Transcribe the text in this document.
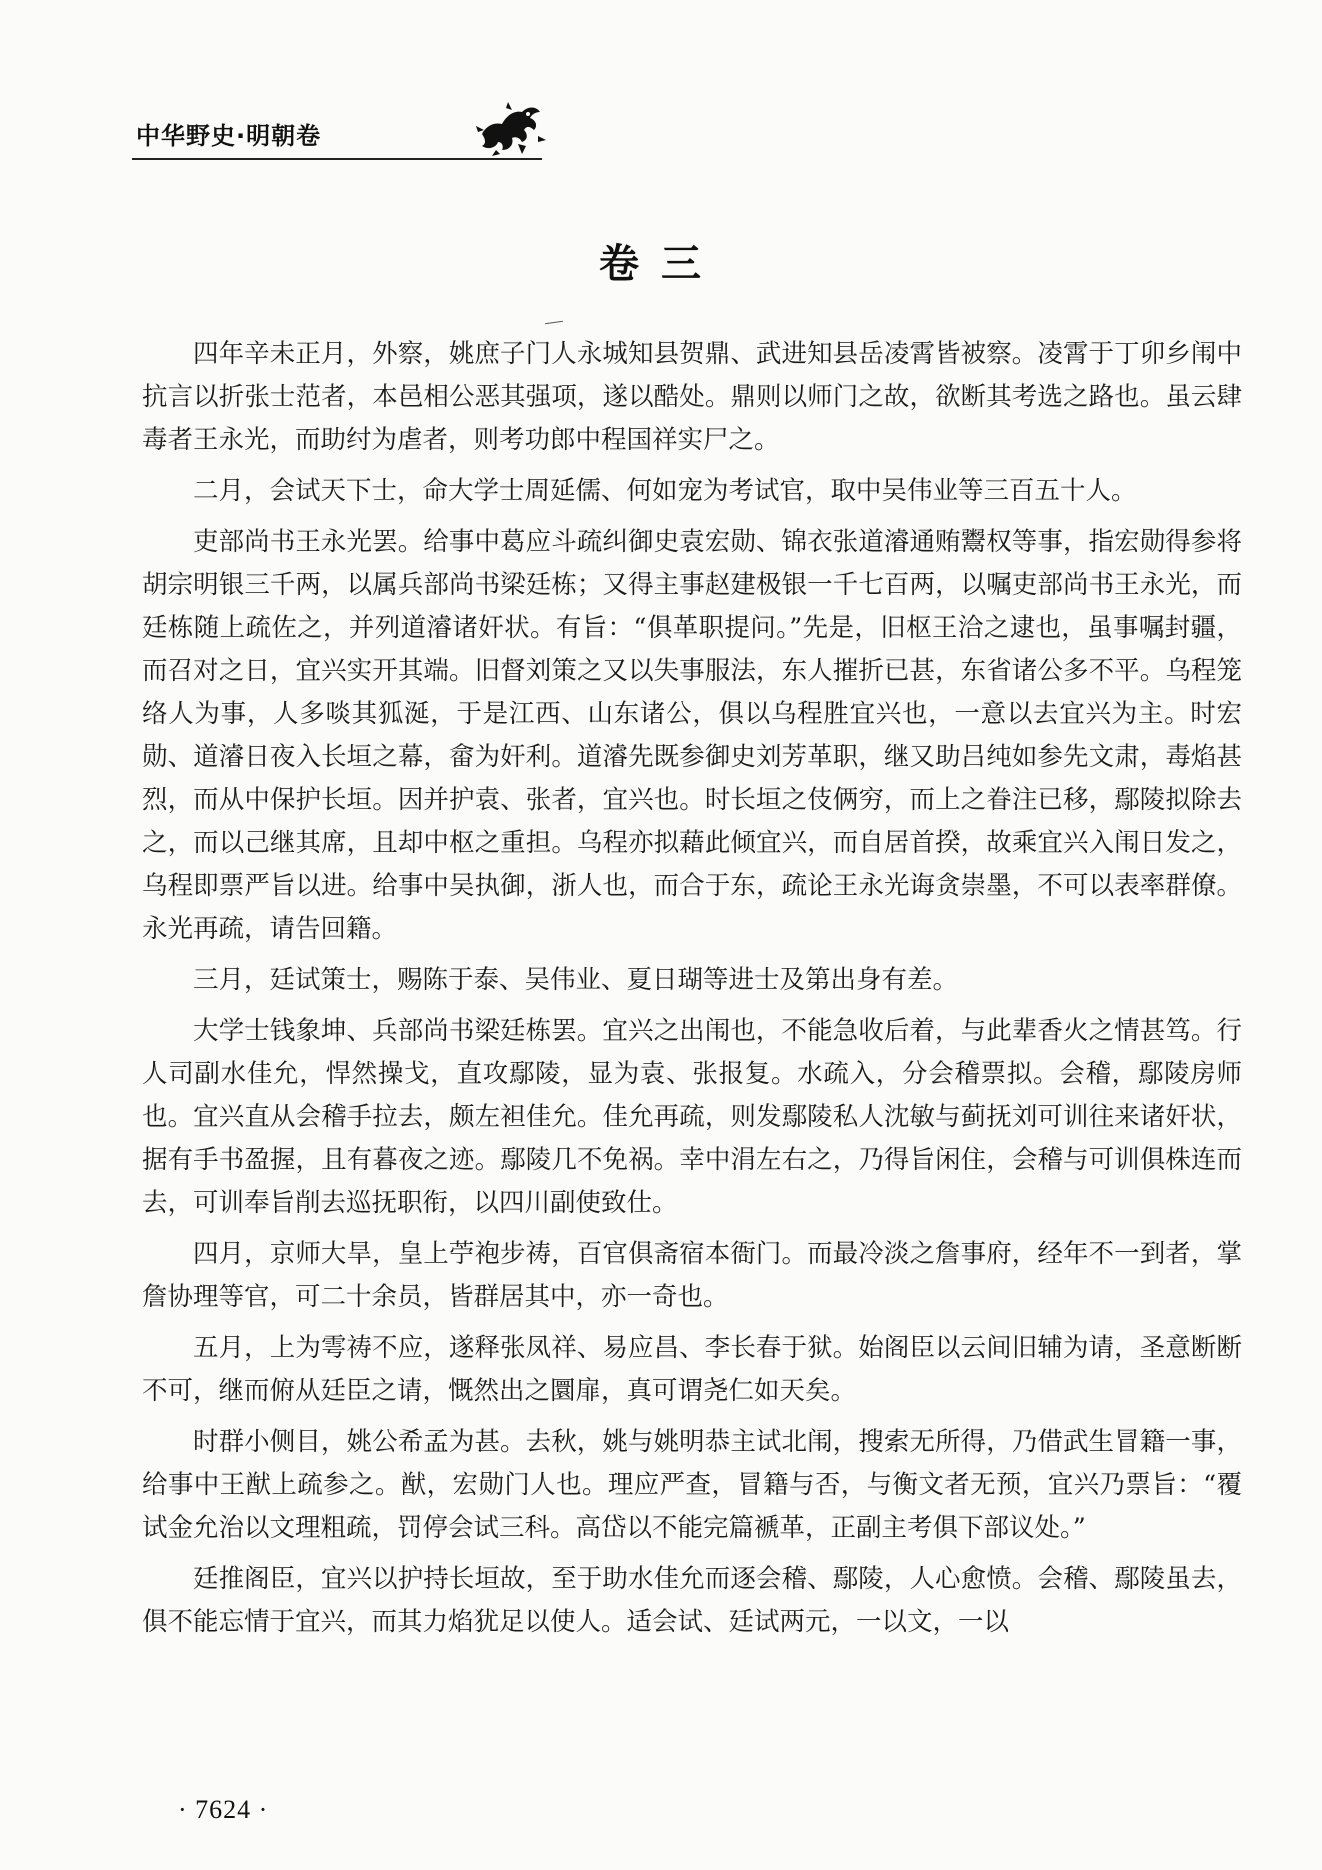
中华野史·明朝卷
卷三

四年辛未正月，外察，姚庶子门人永城知县贺鼎、武进知县岳凌霄皆被察。凌霄于丁卯乡闱中抗言以折张士范者，本邑相公恶其强项，遂以酷处。鼎则以师门之故，欲断其考选之路也。虽云肆毒者王永光，而助纣为虐者，则考功郎中程国祥实尸之。

二月，会试天下士，命大学士周延儒、何如宠为考试官，取中吴伟业等三百五十人。

吏部尚书王永光罢。给事中葛应斗疏纠御史袁宏勋、锦衣张道濬通贿鬻权等事，指宏勋得参将胡宗明银三千两，以属兵部尚书梁廷栋；又得主事赵建极银一千七百两，以嘱吏部尚书王永光，而廷栋随上疏佐之，并列道濬诸奸状。有旨：“俱革职提问。”先是，旧枢王洽之逮也，虽事嘱封疆，而召对之日，宜兴实开其端。旧督刘策之又以失事服法，东人摧折已甚，东省诸公多不平。乌程笼络人为事，人多啖其狐涎，于是江西、山东诸公，俱以乌程胜宜兴也，一意以去宜兴为主。时宏勋、道濬日夜入长垣之幕，畲为奸利。道濬先既参御史刘芳革职，继又助吕纯如参先文肃，毒焰甚烈，而从中保护长垣。因并护袁、张者，宜兴也。时长垣之伎俩穷，而上之眷注已移，鄢陵拟除去之，而以己继其席，且却中枢之重担。乌程亦拟藉此倾宜兴，而自居首揆，故乘宜兴入闱日发之，乌程即票严旨以进。给事中吴执御，浙人也，而合于东，疏论王永光诲贪崇墨，不可以表率群僚。永光再疏，请告回籍。

三月，廷试策士，赐陈于泰、吴伟业、夏日瑚等进士及第出身有差。

大学士钱象坤、兵部尚书梁廷栋罢。宜兴之出闱也，不能急收后着，与此辈香火之情甚笃。行人司副水佳允，悍然操戈，直攻鄢陵，显为袁、张报复。水疏入，分会稽票拟。会稽，鄢陵房师也。宜兴直从会稽手拉去，颇左袒佳允。佳允再疏，则发鄢陵私人沈敏与蓟抚刘可训往来诸奸状，据有手书盈握，且有暮夜之迹。鄢陵几不免祸。幸中涓左右之，乃得旨闲住，会稽与可训俱株连而去，可训奉旨削去巡抚职衔，以四川副使致仕。

四月，京师大旱，皇上苧袍步祷，百官俱斋宿本衙门。而最冷淡之詹事府，经年不一到者，掌詹协理等官，可二十余员，皆群居其中，亦一奇也。

五月，上为雩祷不应，遂释张凤祥、易应昌、李长春于狱。始阁臣以云间旧辅为请，圣意断断不可，继而俯从廷臣之请，慨然出之圜扉，真可谓尧仁如天矣。

时群小侧目，姚公希孟为甚。去秋，姚与姚明恭主试北闱，搜索无所得，乃借武生冒籍一事，给事中王猷上疏参之。猷，宏勋门人也。理应严查，冒籍与否，与衡文者无预，宜兴乃票旨：“覆试金允治以文理粗疏，罚停会试三科。高岱以不能完篇褫革，正副主考俱下部议处。”

廷推阁臣，宜兴以护持长垣故，至于助水佳允而逐会稽、鄢陵，人心愈愤。会稽、鄢陵虽去，俱不能忘情于宜兴，而其力焰犹足以使人。适会试、廷试两元，一以文，一以

· 7624 ·
